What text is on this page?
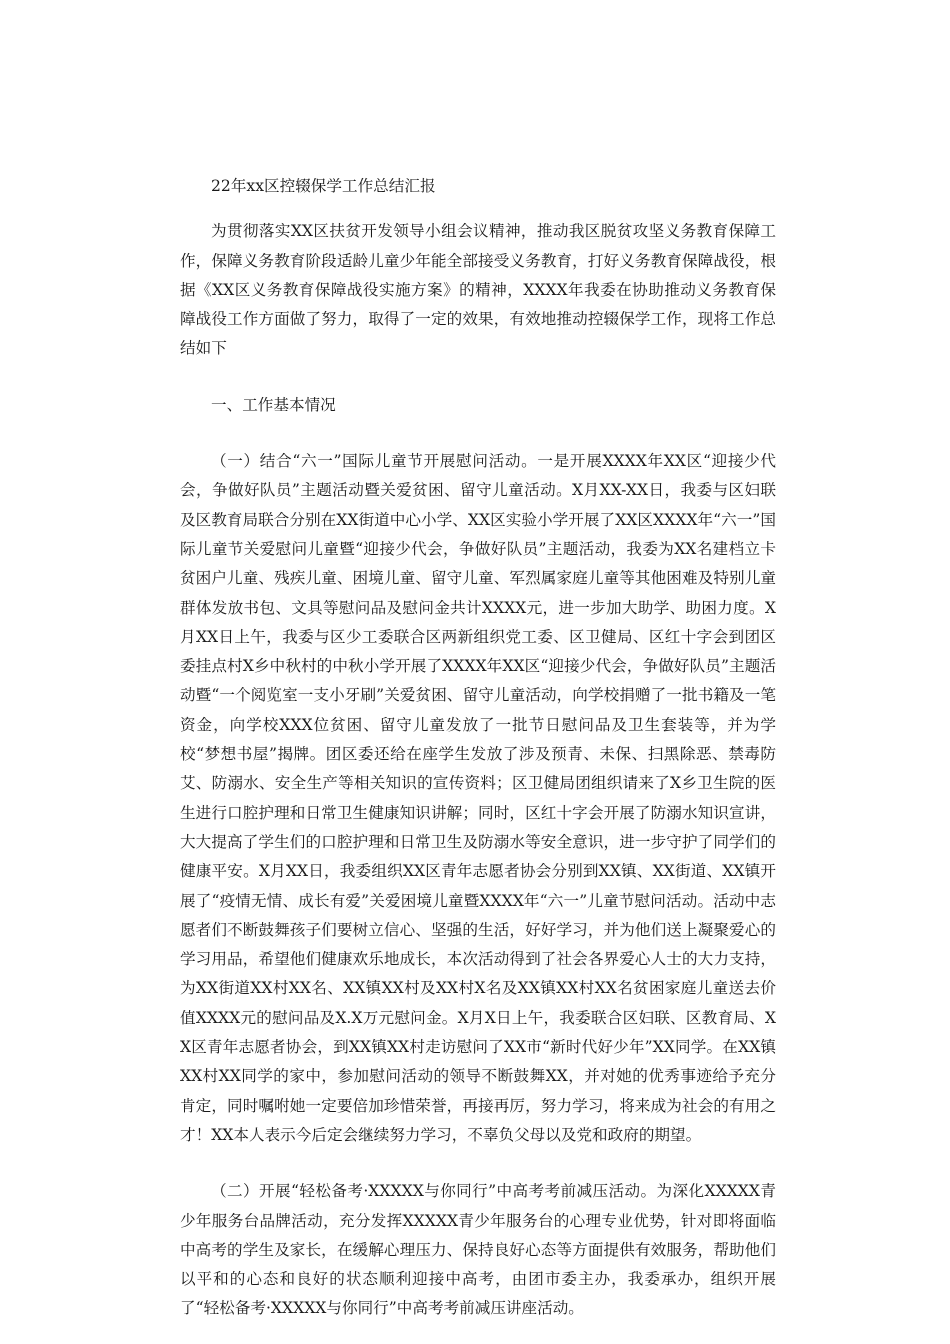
22年xx区控辍保学工作总结汇报

为贯彻落实XX区扶贫开发领导小组会议精神，推动我区脱贫攻坚义务教育保障工作，保障义务教育阶段适龄儿童少年能全部接受义务教育，打好义务教育保障战役，根据《XX区义务教育保障战役实施方案》的精神，XXXX年我委在协助推动义务教育保障战役工作方面做了努力，取得了一定的效果，有效地推动控辍保学工作，现将工作总结如下

一、工作基本情况

（一）结合“六一”国际儿童节开展慰问活动。一是开展XXXX年XX区“迎接少代会，争做好队员”主题活动暨关爱贫困、留守儿童活动。X月XX-XX日，我委与区妇联及区教育局联合分别在XX街道中心小学、XX区实验小学开展了XX区XXXX年“六一”国际儿童节关爱慰问儿童暨“迎接少代会，争做好队员”主题活动，我委为XX名建档立卡贫困户儿童、残疾儿童、困境儿童、留守儿童、军烈属家庭儿童等其他困难及特别儿童群体发放书包、文具等慰问品及慰问金共计XXXX元，进一步加大助学、助困力度。X月XX日上午，我委与区少工委联合区两新组织党工委、区卫健局、区红十字会到团区委挂点村X乡中秋村的中秋小学开展了XXXX年XX区“迎接少代会，争做好队员”主题活动暨“一个阅览室一支小牙刷”关爱贫困、留守儿童活动，向学校捐赠了一批书籍及一笔资金，向学校XXX位贫困、留守儿童发放了一批节日慰问品及卫生套装等，并为学校“梦想书屋”揭牌。团区委还给在座学生发放了涉及预青、未保、扫黑除恶、禁毒防艾、防溺水、安全生产等相关知识的宣传资料；区卫健局团组织请来了X乡卫生院的医生进行口腔护理和日常卫生健康知识讲解；同时，区红十字会开展了防溺水知识宣讲，大大提高了学生们的口腔护理和日常卫生及防溺水等安全意识，进一步守护了同学们的健康平安。X月XX日，我委组织XX区青年志愿者协会分别到XX镇、XX街道、XX镇开展了“疫情无情、成长有爱”关爱困境儿童暨XXXX年“六一”儿童节慰问活动。活动中志愿者们不断鼓舞孩子们要树立信心、坚强的生活，好好学习，并为他们送上凝聚爱心的学习用品，希望他们健康欢乐地成长，本次活动得到了社会各界爱心人士的大力支持，为XX街道XX村XX名、XX镇XX村及XX村X名及XX镇XX村XX名贫困家庭儿童送去价值XXXX元的慰问品及X.X万元慰问金。X月X日上午，我委联合区妇联、区教育局、XX区青年志愿者协会，到XX镇XX村走访慰问了XX市“新时代好少年”XX同学。在XX镇XX村XX同学的家中，参加慰问活动的领导不断鼓舞XX，并对她的优秀事迹给予充分肯定，同时嘱咐她一定要倍加珍惜荣誉，再接再厉，努力学习，将来成为社会的有用之才！XX本人表示今后定会继续努力学习，不辜负父母以及党和政府的期望。

（二）开展“轻松备考·XXXXX与你同行”中高考考前减压活动。为深化XXXXX青少年服务台品牌活动，充分发挥XXXXX青少年服务台的心理专业优势，针对即将面临中高考的学生及家长，在缓解心理压力、保持良好心态等方面提供有效服务，帮助他们以平和的心态和良好的状态顺利迎接中高考，由团市委主办，我委承办，组织开展了“轻松备考·XXXXX与你同行”中高考考前减压讲座活动。
